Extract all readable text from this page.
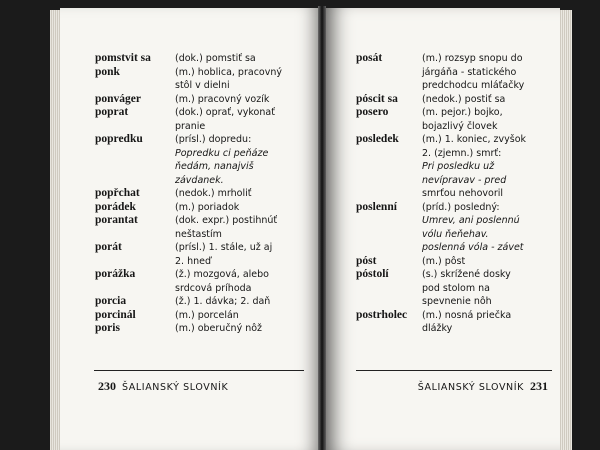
pomstvit sa	(dok.) pomstiť sa
ponk	(m.) hoblica, pracovný
stôl v dielni
ponváger	(m.) pracovný vozík
poprat	(dok.) oprať, vykonať
pranie
popredku	(prísl.) dopredu:
Popredku ci peňáze
ňedám, nanajviš
závdanek.
popřchat	(nedok.) mrholiť
porádek	(m.) poriadok
porantat	(dok. expr.) postihnúť
neštastím
porát	(prísl.) 1. stále, už aj
2. hneď
porážka	(ž.) mozgová, alebo
srdcová príhoda
porcia	(ž.) 1. dávka; 2. daň
porcinál	(m.) porcelán
poris	(m.) oberučný nôž
230 ŠALIANSKÝ SLOVNÍK
posát	(m.) rozsyp snopu do
járgáňa - statického
predchodcu mláťačky
póscit sa	(nedok.) postiť sa
posero	(m. pejor.) bojko,
bojazlivý človek
posledek	(m.) 1. koniec, zvyšok
2. (zjemn.) smrť:
Pri posledku už
nevípravav - pred
smrťou nehovoril
poslenní	(príd.) posledný:
Umrev, ani poslennú
vólu ňeňehav.
poslenná vóla - závet
póst	(m.) pôst
póstolí	(s.) skrížené dosky
pod stolom na
spevnenie nôh
postrholec	(m.) nosná priečka
dlážky
ŠALIANSKÝ SLOVNÍK 231
